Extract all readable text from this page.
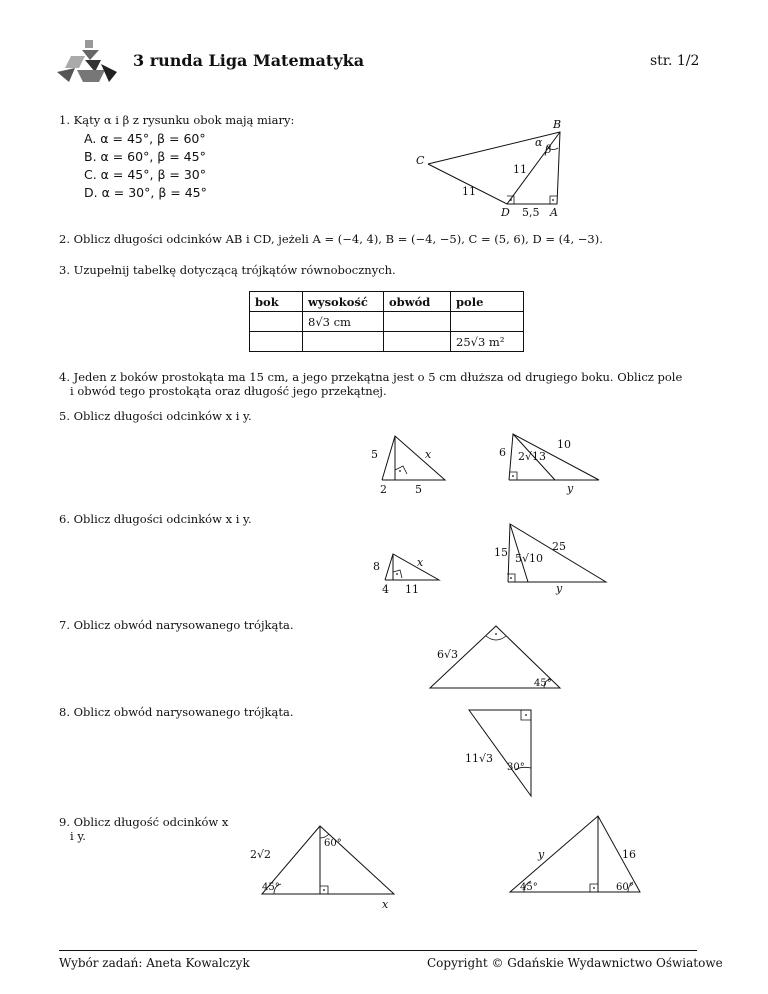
3 runda Liga Matematyka	str. 1/2
1. Kąty α i β z rysunku obok mają miary:
A. α = 45°, β = 60°
B. α = 60°, β = 45°
C. α = 45°, β = 30°
D. α = 30°, β = 45°
B
C
D	A
α
β
11
11
5,5
2. Oblicz długości odcinków AB i CD, jeżeli A = (−4, 4), B = (−4, −5), C = (5, 6), D = (4, −3).
3. Uzupełnij tabelkę dotyczącą trójkątów równobocznych.
bok	wysokość	obwód	pole
	8√3 cm		
			25√3 m²
4. Jeden z boków prostokąta ma 15 cm, a jego przekątna jest o 5 cm dłuższa od drugiego boku. Oblicz pole
i obwód tego prostokąta oraz długość jego przekątnej.
5. Oblicz długości odcinków x i y.
5	x
2	5
6 2√13
10
y
6. Oblicz długości odcinków x i y.
8	x
4 11
15 5√10
25
y
7. Oblicz obwód narysowanego trójkąta.
6√3
45°
8. Oblicz obwód narysowanego trójkąta.
11√3
30°
9. Oblicz długość odcinków x
i y.
2√2
60°
45°
x
y	16
45°	60°
Wybór zadań: Aneta Kowalczyk	Copyright © Gdańskie Wydawnictwo Oświatowe
